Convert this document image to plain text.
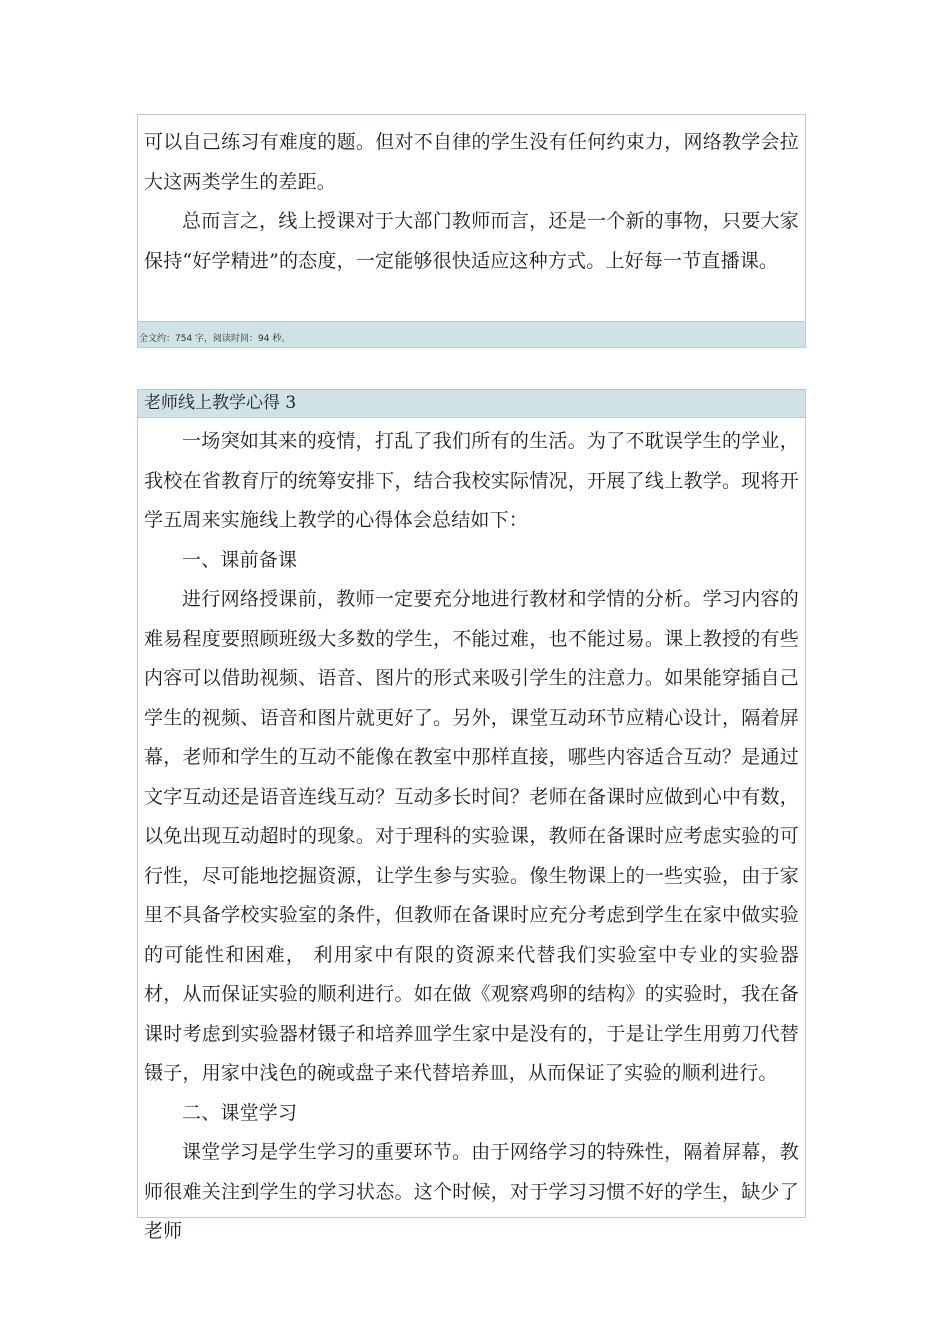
可以自己练习有难度的题。但对不自律的学生没有任何约束力，网络教学会拉大这两类学生的差距。

总而言之，线上授课对于大部门教师而言，还是一个新的事物，只要大家保持“好学精进”的态度，一定能够很快适应这种方式。上好每一节直播课。

全文约：754 字，阅读时间：94 秒。
老师线上教学心得 3

一场突如其来的疫情，打乱了我们所有的生活。为了不耽误学生的学业，我校在省教育厅的统筹安排下，结合我校实际情况，开展了线上教学。现将开学五周来实施线上教学的心得体会总结如下：

一、课前备课

进行网络授课前，教师一定要充分地进行教材和学情的分析。学习内容的难易程度要照顾班级大多数的学生，不能过难，也不能过易。课上教授的有些内容可以借助视频、语音、图片的形式来吸引学生的注意力。如果能穿插自己学生的视频、语音和图片就更好了。另外，课堂互动环节应精心设计，隔着屏幕，老师和学生的互动不能像在教室中那样直接，哪些内容适合互动？是通过文字互动还是语音连线互动？互动多长时间？老师在备课时应做到心中有数，以免出现互动超时的现象。对于理科的实验课，教师在备课时应考虑实验的可行性，尽可能地挖掘资源，让学生参与实验。像生物课上的一些实验，由于家里不具备学校实验室的条件，但教师在备课时应充分考虑到学生在家中做实验的可能性和困难， 利用家中有限的资源来代替我们实验室中专业的实验器材，从而保证实验的顺利进行。如在做《观察鸡卵的结构》的实验时，我在备课时考虑到实验器材镊子和培养皿学生家中是没有的，于是让学生用剪刀代替镊子，用家中浅色的碗或盘子来代替培养皿，从而保证了实验的顺利进行。

二、课堂学习

课堂学习是学生学习的重要环节。由于网络学习的特殊性，隔着屏幕，教师很难关注到学生的学习状态。这个时候，对于学习习惯不好的学生，缺少了老师
